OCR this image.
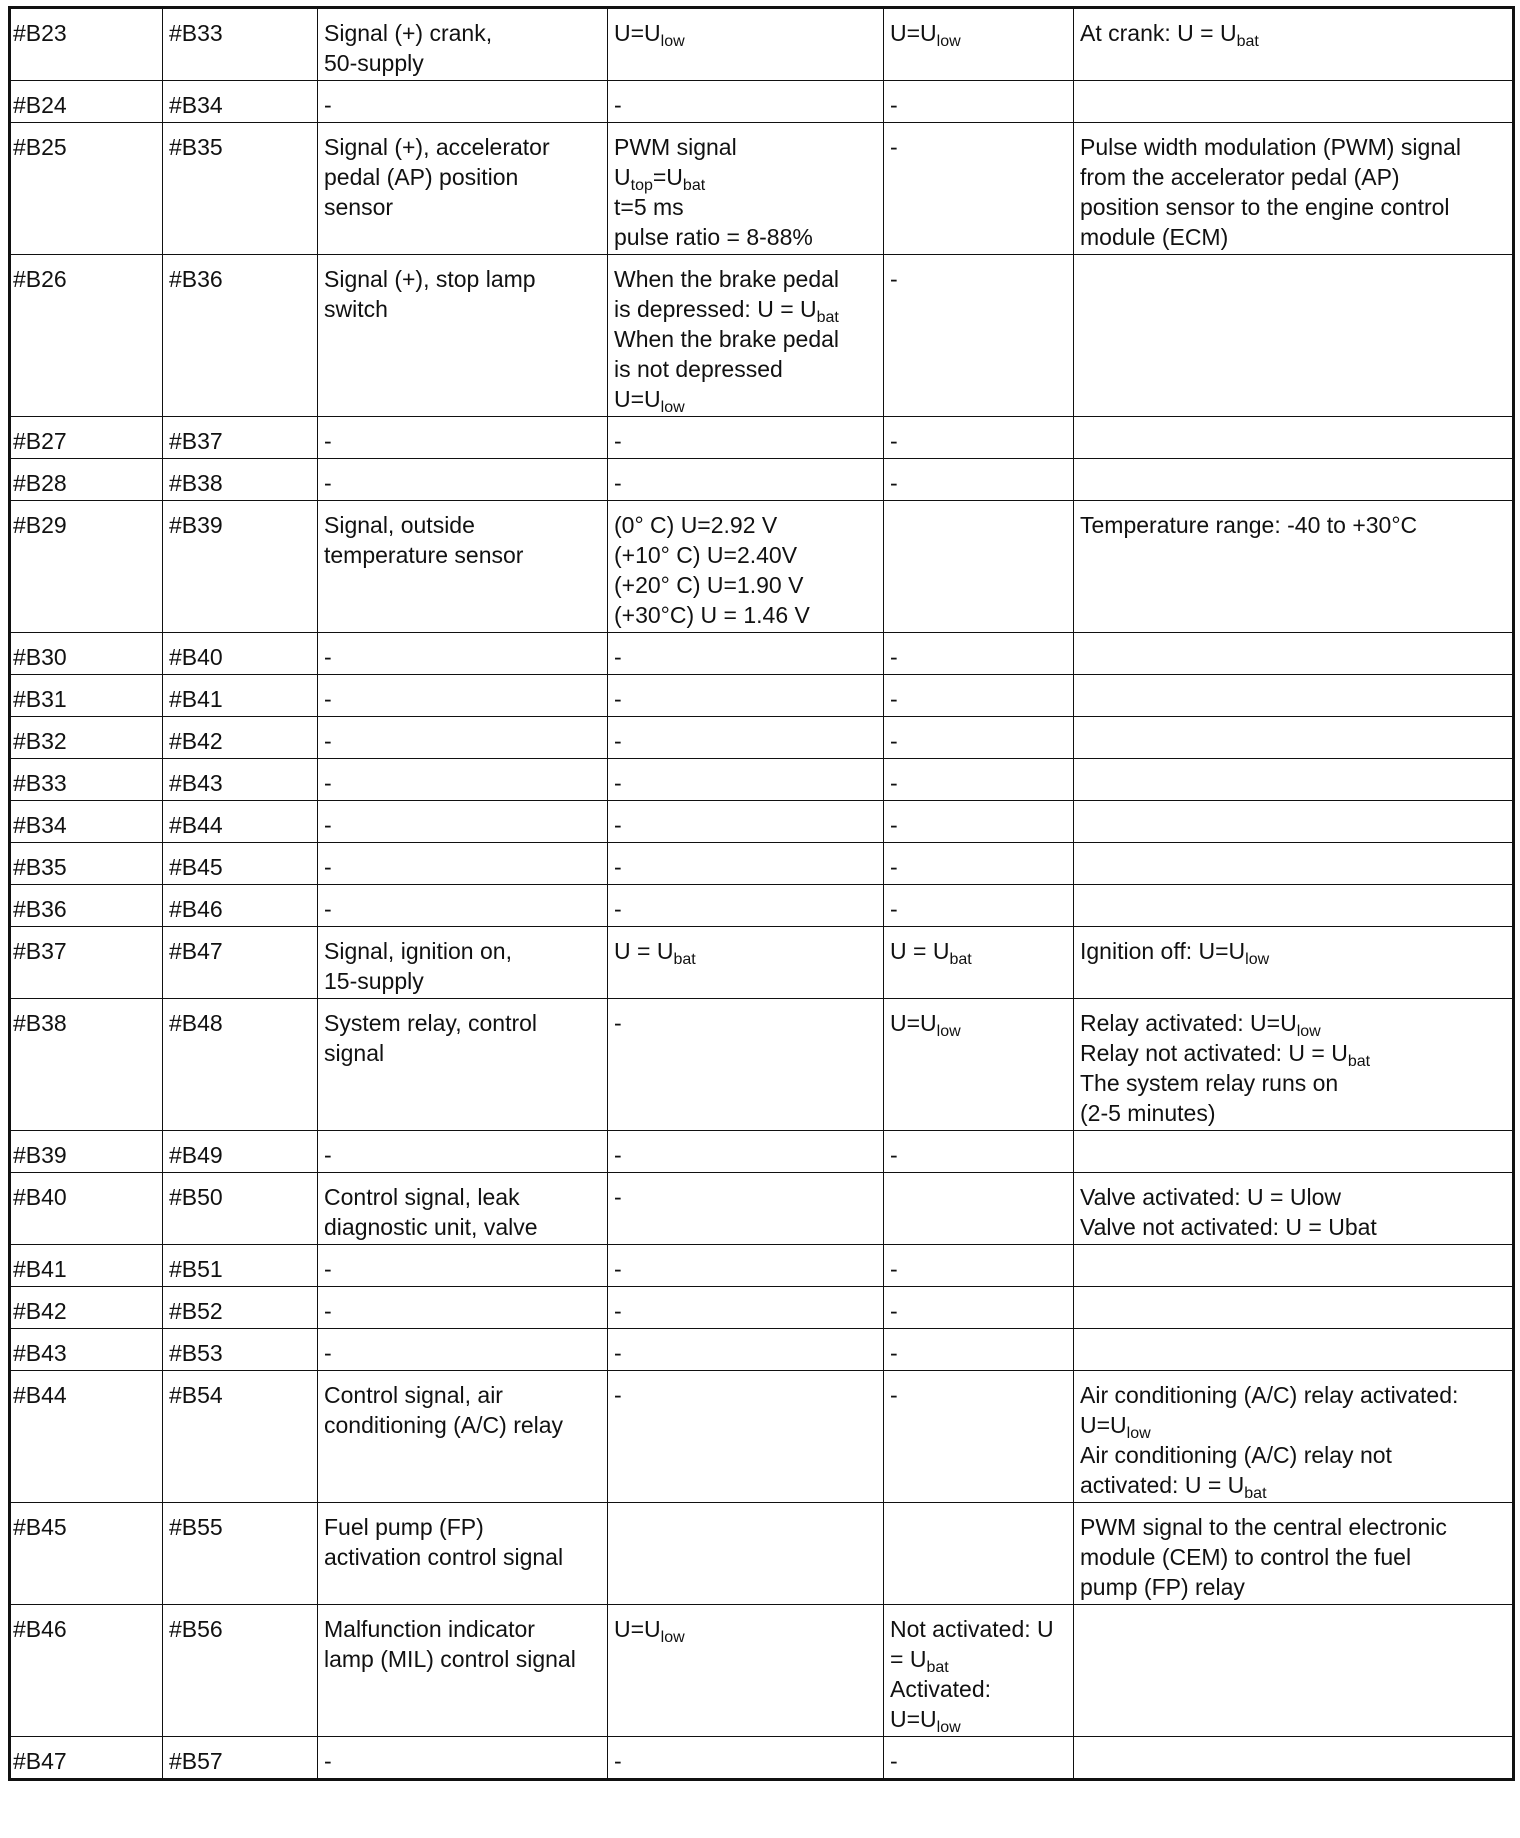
#B23	#B33	Signal (+) crank,
50-supply	$U=U_{low}$	$U=U_{low}$	At crank: $U = U_{bat}$

#B24	#B34	-	-	-	

#B25	#B35	Signal (+), accelerator
pedal (AP) position
sensor	PWM signal
$U_{top}=U_{bat}$
t=5 ms
pulse ratio = 8-88%	-	Pulse width modulation (PWM) signal
from the accelerator pedal (AP)
position sensor to the engine control
module (ECM)

#B26	#B36	Signal (+), stop lamp
switch	When the brake pedal
is depressed: $U = U_{bat}$
When the brake pedal
is not depressed
$U=U_{low}$	-	

#B27	#B37	-	-	-	

#B28	#B38	-	-	-	

#B29	#B39	Signal, outside
temperature sensor	(0° C) U=2.92 V
(+10° C) U=2.40V
(+20° C) U=1.90 V
(+30°C) U = 1.46 V		Temperature range: -40 to +30°C

#B30	#B40	-	-	-	

#B31	#B41	-	-	-	

#B32	#B42	-	-	-	

#B33	#B43	-	-	-	

#B34	#B44	-	-	-	

#B35	#B45	-	-	-	

#B36	#B46	-	-	-	

#B37	#B47	Signal, ignition on,
15-supply	$U = U_{bat}$	$U = U_{bat}$	Ignition off: $U=U_{low}$

#B38	#B48	System relay, control
signal	-	$U=U_{low}$	Relay activated: $U=U_{low}$
Relay not activated: $U = U_{bat}$
The system relay runs on
(2-5 minutes)

#B39	#B49	-	-	-	

#B40	#B50	Control signal, leak
diagnostic unit, valve	-		Valve activated: U = Ulow
Valve not activated: U = Ubat

#B41	#B51	-	-	-	

#B42	#B52	-	-	-	

#B43	#B53	-	-	-	

#B44	#B54	Control signal, air
conditioning (A/C) relay	-	-	Air conditioning (A/C) relay activated:
$U=U_{low}$
Air conditioning (A/C) relay not
activated: $U = U_{bat}$

#B45	#B55	Fuel pump (FP)
activation control signal			PWM signal to the central electronic
module (CEM) to control the fuel
pump (FP) relay

#B46	#B56	Malfunction indicator
lamp (MIL) control signal	$U=U_{low}$	Not activated: U
= $U_{bat}$
Activated:
$U=U_{low}$

#B47	#B57	-	-	-	
